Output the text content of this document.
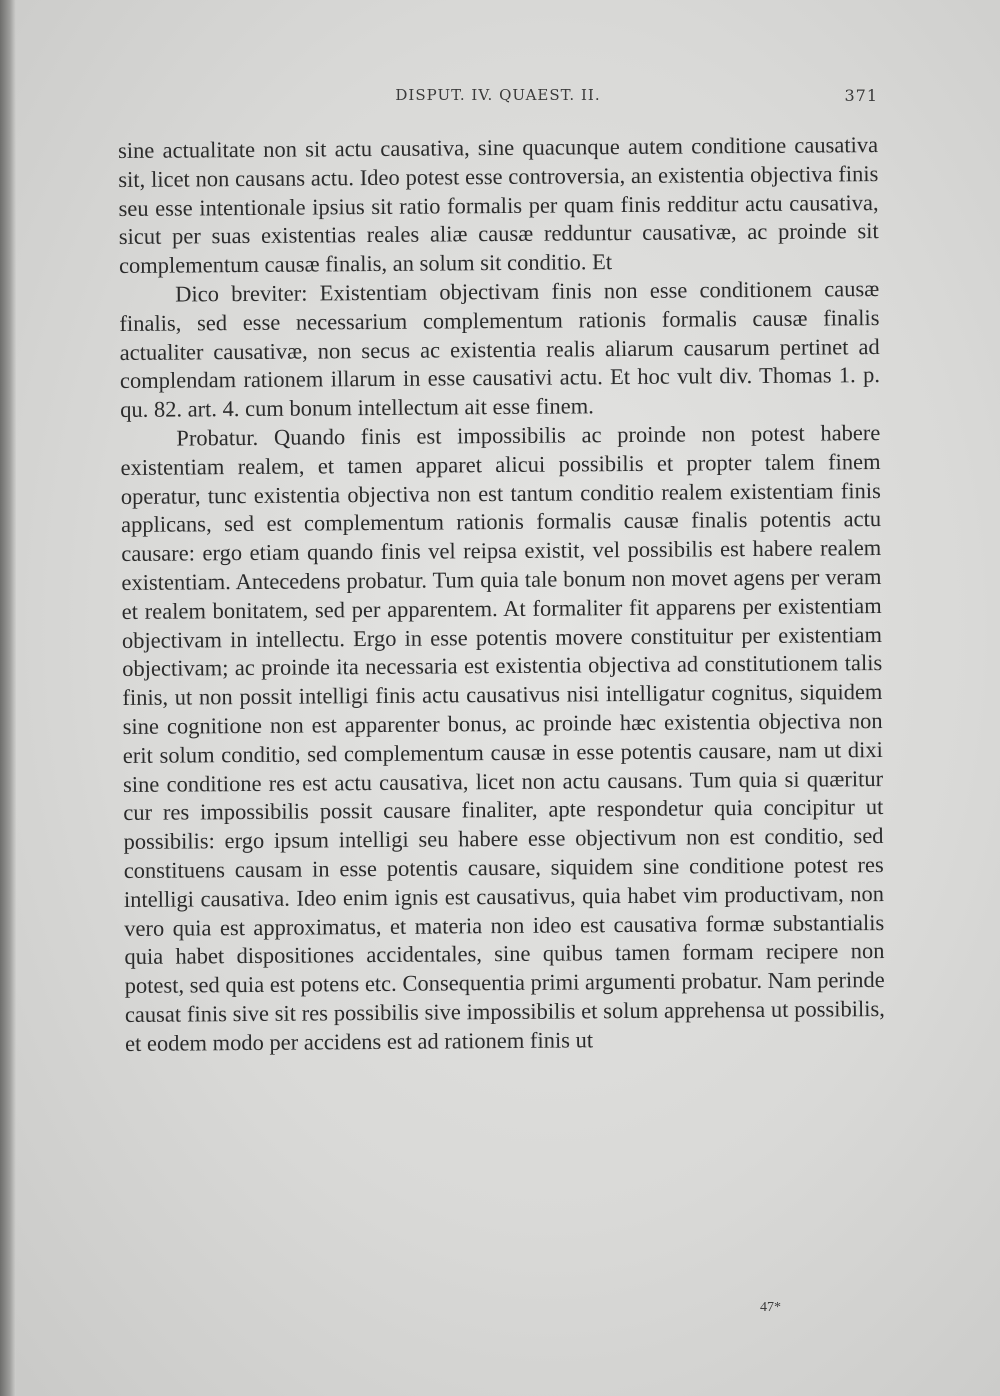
DISPUT. IV. QUAEST. II.	371

sine actualitate non sit actu causativa, sine quacunque autem conditione causativa sit, licet non causans actu. Ideo potest esse controversia, an existentia objectiva finis seu esse intentionale ipsius sit ratio formalis per quam finis redditur actu causativa, sicut per suas existentias reales aliæ causæ redduntur causativæ, ac proinde sit complementum causæ finalis, an solum sit conditio. Et

Dico breviter: Existentiam objectivam finis non esse conditionem causæ finalis, sed esse necessarium complementum rationis formalis causæ finalis actualiter causativæ, non secus ac existentia realis aliarum causarum pertinet ad complendam rationem illarum in esse causativi actu. Et hoc vult div. Thomas 1. p. qu. 82. art. 4. cum bonum intellectum ait esse finem.

Probatur. Quando finis est impossibilis ac proinde non potest habere existentiam realem, et tamen apparet alicui possibilis et propter talem finem operatur, tunc existentia objectiva non est tantum conditio realem existentiam finis applicans, sed est complementum rationis formalis causæ finalis potentis actu causare: ergo etiam quando finis vel reipsa existit, vel possibilis est habere realem existentiam. Antecedens probatur. Tum quia tale bonum non movet agens per veram et realem bonitatem, sed per apparentem. At formaliter fit apparens per existentiam objectivam in intellectu. Ergo in esse potentis movere constituitur per existentiam objectivam; ac proinde ita necessaria est existentia objectiva ad constitutionem talis finis, ut non possit intelligi finis actu causativus nisi intelligatur cognitus, siquidem sine cognitione non est apparenter bonus, ac proinde hæc existentia objectiva non erit solum conditio, sed complementum causæ in esse potentis causare, nam ut dixi sine conditione res est actu causativa, licet non actu causans. Tum quia si quæritur cur res impossibilis possit causare finaliter, apte respondetur quia concipitur ut possibilis: ergo ipsum intelligi seu habere esse objectivum non est conditio, sed constituens causam in esse potentis causare, siquidem sine conditione potest res intelligi causativa. Ideo enim ignis est causativus, quia habet vim productivam, non vero quia est approximatus, et materia non ideo est causativa formæ substantialis quia habet dispositiones accidentales, sine quibus tamen formam recipere non potest, sed quia est potens etc. Consequentia primi argumenti probatur. Nam perinde causat finis sive sit res possibilis sive impossibilis et solum apprehensa ut possibilis, et eodem modo per accidens est ad rationem finis ut

47*
